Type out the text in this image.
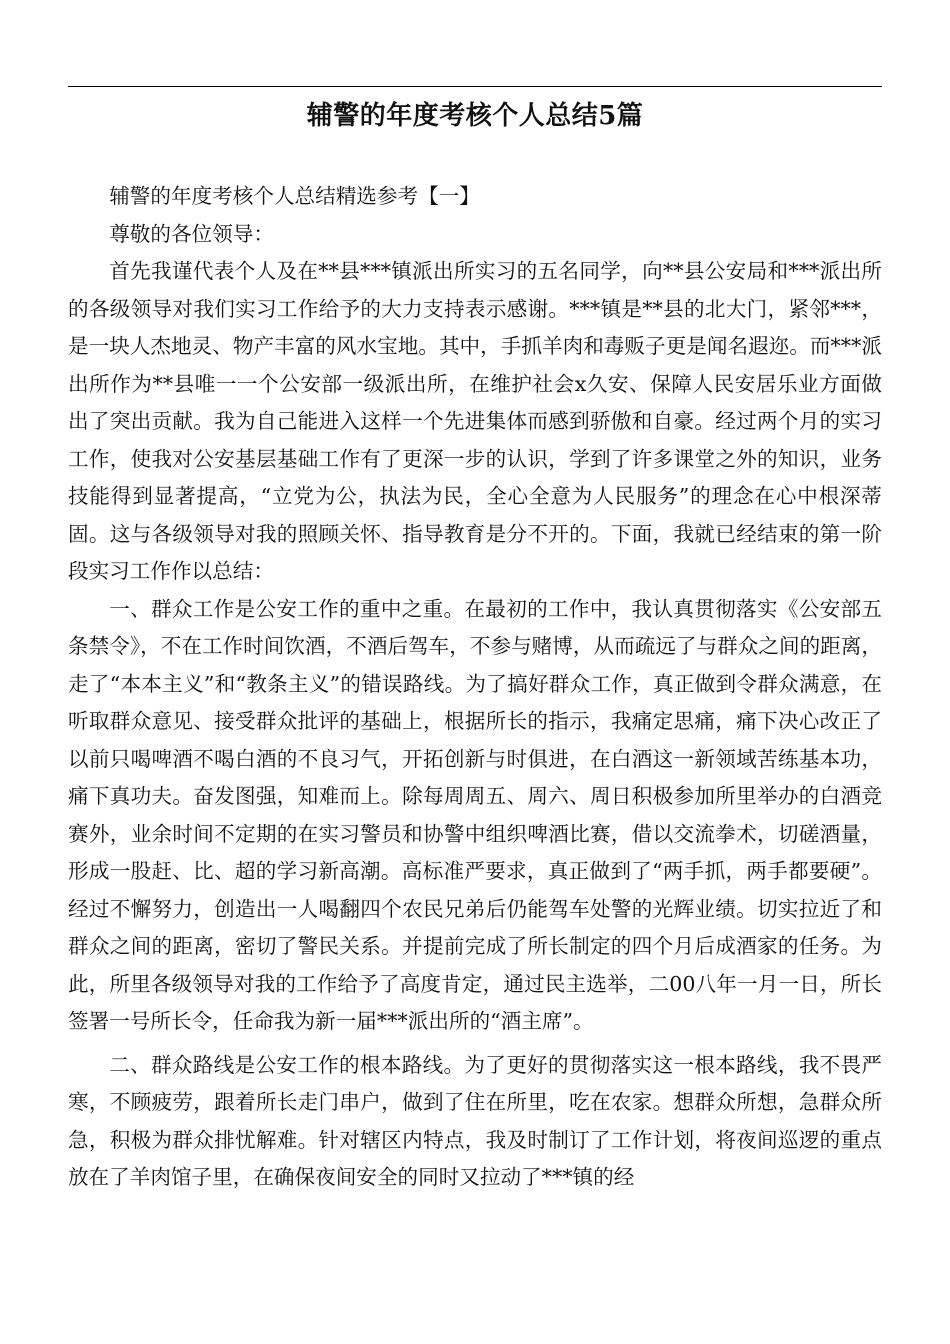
辅警的年度考核个人总结5篇

辅警的年度考核个人总结精选参考【一】

尊敬的各位领导：

首先我谨代表个人及在**县***镇派出所实习的五名同学，向**县公安局和***派出所的各级领导对我们实习工作给予的大力支持表示感谢。***镇是**县的北大门，紧邻***，是一块人杰地灵、物产丰富的风水宝地。其中，手抓羊肉和毒贩子更是闻名遐迩。而***派出所作为**县唯一一个公安部一级派出所，在维护社会x久安、保障人民安居乐业方面做出了突出贡献。我为自己能进入这样一个先进集体而感到骄傲和自豪。经过两个月的实习工作，使我对公安基层基础工作有了更深一步的认识，学到了许多课堂之外的知识，业务技能得到显著提高，“立党为公，执法为民，全心全意为人民服务”的理念在心中根深蒂固。这与各级领导对我的照顾关怀、指导教育是分不开的。下面，我就已经结束的第一阶段实习工作作以总结：

一、群众工作是公安工作的重中之重。在最初的工作中，我认真贯彻落实《公安部五条禁令》，不在工作时间饮酒，不酒后驾车，不参与赌博，从而疏远了与群众之间的距离，走了“本本主义”和“教条主义”的错误路线。为了搞好群众工作，真正做到令群众满意，在听取群众意见、接受群众批评的基础上，根据所长的指示，我痛定思痛，痛下决心改正了以前只喝啤酒不喝白酒的不良习气，开拓创新与时俱进，在白酒这一新领域苦练基本功，痛下真功夫。奋发图强，知难而上。除每周周五、周六、周日积极参加所里举办的白酒竞赛外，业余时间不定期的在实习警员和协警中组织啤酒比赛，借以交流拳术，切磋酒量，形成一股赶、比、超的学习新高潮。高标准严要求，真正做到了“两手抓，两手都要硬”。经过不懈努力，创造出一人喝翻四个农民兄弟后仍能驾车处警的光辉业绩。切实拉近了和群众之间的距离，密切了警民关系。并提前完成了所长制定的四个月后成酒家的任务。为此，所里各级领导对我的工作给予了高度肯定，通过民主选举，二00八年一月一日，所长签署一号所长令，任命我为新一届***派出所的“酒主席”。

二、群众路线是公安工作的根本路线。为了更好的贯彻落实这一根本路线，我不畏严寒，不顾疲劳，跟着所长走门串户，做到了住在所里，吃在农家。想群众所想，急群众所急，积极为群众排忧解难。针对辖区内特点，我及时制订了工作计划，将夜间巡逻的重点放在了羊肉馆子里，在确保夜间安全的同时又拉动了***镇的经
